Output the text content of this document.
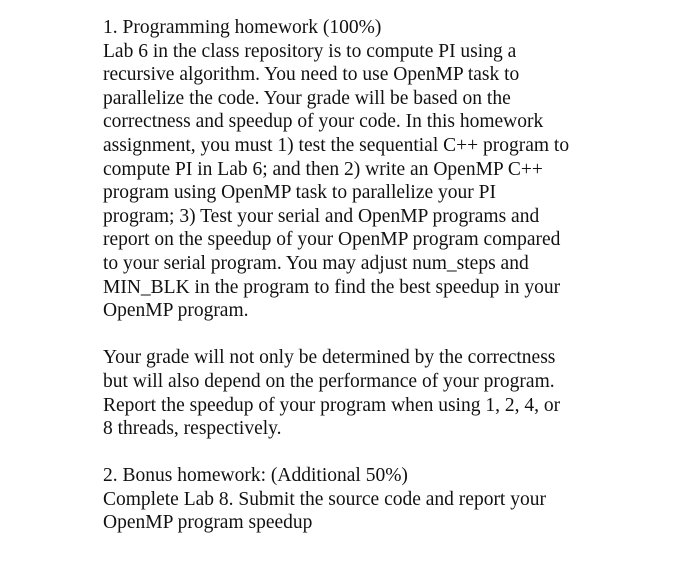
1. Programming homework (100%)
Lab 6 in the class repository is to compute PI using a
recursive algorithm. You need to use OpenMP task to
parallelize the code. Your grade will be based on the
correctness and speedup of your code. In this homework
assignment, you must 1) test the sequential C++ program to
compute PI in Lab 6; and then 2) write an OpenMP C++
program using OpenMP task to parallelize your PI
program; 3) Test your serial and OpenMP programs and
report on the speedup of your OpenMP program compared
to your serial program. You may adjust num_steps and
MIN_BLK in the program to find the best speedup in your
OpenMP program.
Your grade will not only be determined by the correctness
but will also depend on the performance of your program.
Report the speedup of your program when using 1, 2, 4, or
8 threads, respectively.
2. Bonus homework: (Additional 50%)
Complete Lab 8. Submit the source code and report your
OpenMP program speedup
